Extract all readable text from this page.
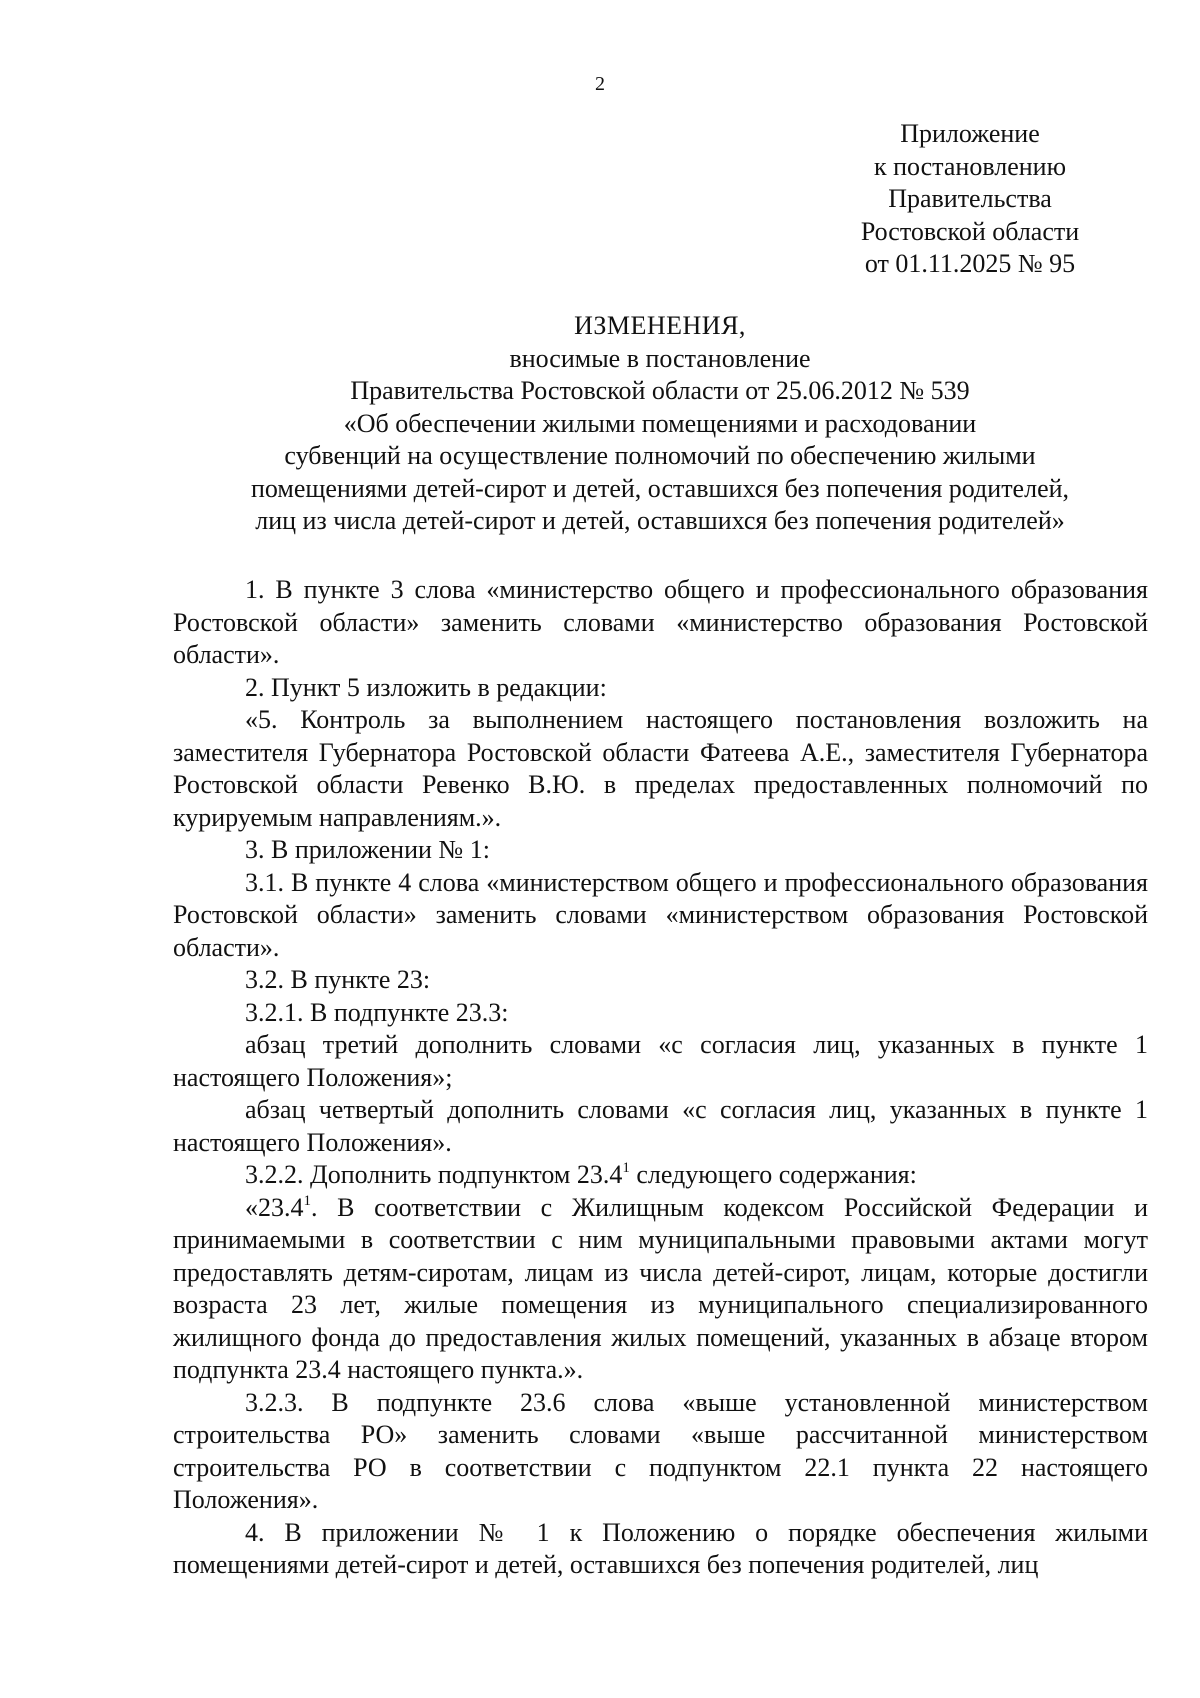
2
Приложение
к постановлению
Правительства
Ростовской области
от 01.11.2025 № 95
ИЗМЕНЕНИЯ,
вносимые в постановление
Правительства Ростовской области от 25.06.2012 № 539
«Об обеспечении жилыми помещениями и расходовании
субвенций на осуществление полномочий по обеспечению жилыми
помещениями детей-сирот и детей, оставшихся без попечения родителей,
лиц из числа детей-сирот и детей, оставшихся без попечения родителей»

1. В пункте 3 слова «министерство общего и профессионального образования Ростовской области» заменить словами «министерство образования Ростовской области».

2. Пункт 5 изложить в редакции:

«5. Контроль за выполнением настоящего постановления возложить на заместителя Губернатора Ростовской области Фатеева А.Е., заместителя Губернатора Ростовской области Ревенко В.Ю. в пределах предоставленных полномочий по курируемым направлениям.».

3. В приложении № 1:

3.1. В пункте 4 слова «министерством общего и профессионального образования Ростовской области» заменить словами «министерством образования Ростовской области».

3.2. В пункте 23:

3.2.1. В подпункте 23.3:

абзац третий дополнить словами «с согласия лиц, указанных в пункте 1 настоящего Положения»;

абзац четвертый дополнить словами «с согласия лиц, указанных в пункте 1 настоящего Положения».

3.2.2. Дополнить подпунктом 23.4$^1$ следующего содержания:

«23.4$^1$. В соответствии с Жилищным кодексом Российской Федерации и принимаемыми в соответствии с ним муниципальными правовыми актами могут предоставлять детям-сиротам, лицам из числа детей-сирот, лицам, которые достигли возраста 23 лет, жилые помещения из муниципального специализированного жилищного фонда до предоставления жилых помещений, указанных в абзаце втором подпункта 23.4 настоящего пункта.».

3.2.3. В подпункте 23.6 слова «выше установленной министерством строительства РО» заменить словами «выше рассчитанной министерством строительства РО в соответствии с подпунктом 22.1 пункта 22 настоящего Положения».

4. В приложении № 1 к Положению о порядке обеспечения жилыми помещениями детей-сирот и детей, оставшихся без попечения родителей, лиц
